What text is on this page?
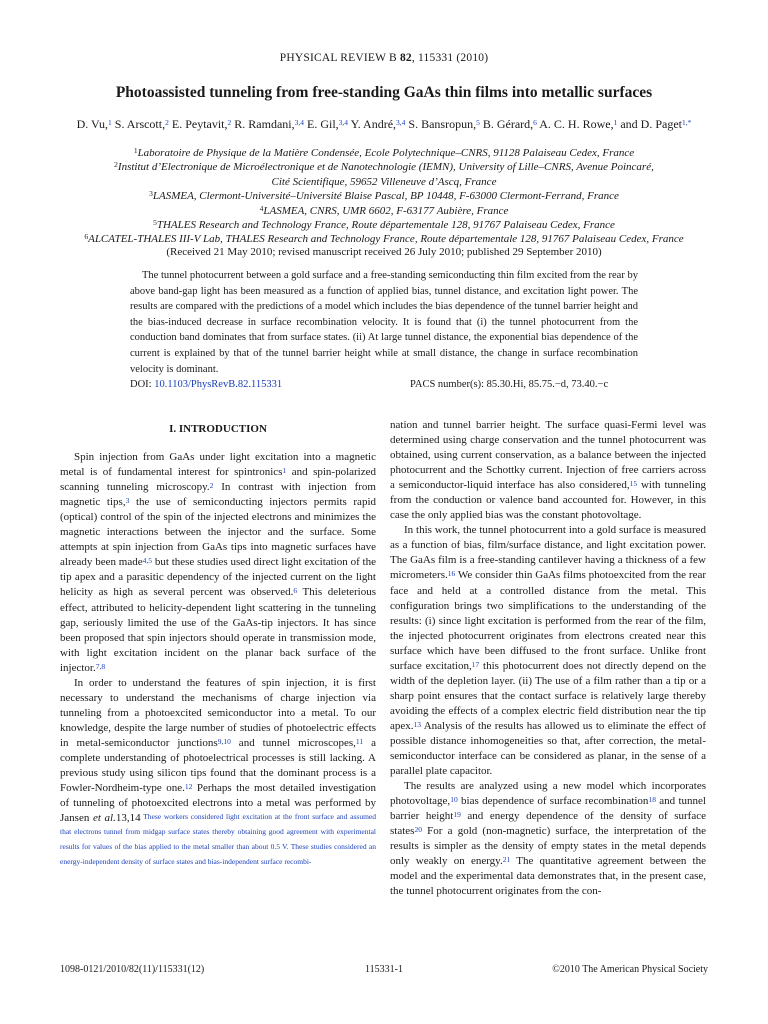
PHYSICAL REVIEW B 82, 115331 (2010)
Photoassisted tunneling from free-standing GaAs thin films into metallic surfaces
D. Vu,$^1$ S. Arscott,$^2$ E. Peytavit,$^2$ R. Ramdani,$^{3,4}$ E. Gil,$^{3,4}$ Y. André,$^{3,4}$ S. Bansropun,$^5$ B. Gérard,$^6$ A. C. H. Rowe,$^1$ and D. Paget$^{1,*}$
$^1$Laboratoire de Physique de la Matière Condensée, Ecole Polytechnique–CNRS, 91128 Palaiseau Cedex, France
$^2$Institut d’Electronique de Microélectronique et de Nanotechnologie (IEMN), University of Lille–CNRS, Avenue Poincaré,
Cité Scientifique, 59652 Villeneuve d’Ascq, France
$^3$LASMEA, Clermont-Université–Université Blaise Pascal, BP 10448, F-63000 Clermont-Ferrand, France
$^4$LASMEA, CNRS, UMR 6602, F-63177 Aubière, France
$^5$THALES Research and Technology France, Route départementale 128, 91767 Palaiseau Cedex, France
$^6$ALCATEL-THALES III-V Lab, THALES Research and Technology France, Route départementale 128, 91767 Palaiseau Cedex, France
(Received 21 May 2010; revised manuscript received 26 July 2010; published 29 September 2010)

The tunnel photocurrent between a gold surface and a free-standing semiconducting thin film excited from the rear by above band-gap light has been measured as a function of applied bias, tunnel distance, and excitation light power. The results are compared with the predictions of a model which includes the bias dependence of the tunnel barrier height and the bias-induced decrease in surface recombination velocity. It is found that (i) the tunnel photocurrent from the conduction band dominates that from surface states. (ii) At large tunnel distance, the exponential bias dependence of the current is explained by that of the tunnel barrier height while at small distance, the change in surface recombination velocity is dominant.

DOI: 10.1103/PhysRevB.82.115331	PACS number(s): 85.30.Hi, 85.75.−d, 73.40.−c
I. INTRODUCTION

Spin injection from GaAs under light excitation into a magnetic metal is of fundamental interest for spintronics$^1$ and spin-polarized scanning tunneling microscopy.$^2$ In contrast with injection from magnetic tips,$^3$ the use of semiconducting injectors permits rapid (optical) control of the spin of the injected electrons and minimizes the magnetic interactions between the injector and the surface. Some attempts at spin injection from GaAs tips into magnetic surfaces have already been made$^{4,5}$ but these studies used direct light excitation of the tip apex and a parasitic dependency of the injected current on the light helicity as high as several percent was observed.$^6$ This deleterious effect, attributed to helicity-dependent light scattering in the tunneling gap, seriously limited the use of the GaAs-tip injectors. It has since been proposed that spin injectors should operate in transmission mode, with light excitation incident on the planar back surface of the injector.$^{7,8}$

In order to understand the features of spin injection, it is first necessary to understand the mechanisms of charge injection via tunneling from a photoexcited semiconductor into a metal. To our knowledge, despite the large number of studies of photoelectric effects in metal-semiconductor junctions$^{9,10}$ and tunnel microscopes,$^{11}$ a complete understanding of photoelectrical processes is still lacking. A previous study using silicon tips found that the dominant process is a Fowler-Nordheim-type one.$^{12}$ Perhaps the most detailed investigation of tunneling of photoexcited electrons into a metal was performed by Jansen et al.13,14 These workers considered light excitation at the front surface and assumed that electrons tunnel from midgap surface states thereby obtaining good agreement with experimental results for values of the bias applied to the metal smaller than about 0.5 V. These studies considered an energy-independent density of surface states and bias-independent surface recombi-

nation and tunnel barrier height. The surface quasi-Fermi level was determined using charge conservation and the tunnel photocurrent was obtained, using current conservation, as a balance between the injected photocurrent and the Schottky current. Injection of free carriers across a semiconductor-liquid interface has also considered,$^{15}$ with tunneling from the conduction or valence band accounted for. However, in this case the only applied bias was the constant photovoltage.

In this work, the tunnel photocurrent into a gold surface is measured as a function of bias, film/surface distance, and light excitation power. The GaAs film is a free-standing cantilever having a thickness of a few micrometers.$^{16}$ We consider thin GaAs films photoexcited from the rear face and held at a controlled distance from the metal. This configuration brings two simplifications to the understanding of the results: (i) since light excitation is performed from the rear of the film, the injected photocurrent originates from electrons created near this surface which have been diffused to the front surface. Unlike front surface excitation,$^{17}$ this photocurrent does not directly depend on the width of the depletion layer. (ii) The use of a film rather than a tip or a sharp point ensures that the contact surface is relatively large thereby avoiding the effects of a complex electric field distribution near the tip apex.$^{13}$ Analysis of the results has allowed us to eliminate the effect of possible distance inhomogeneities so that, after correction, the metal-semiconductor interface can be considered as planar, in the sense of a parallel plate capacitor.

The results are analyzed using a new model which incorporates photovoltage,$^{10}$ bias dependence of surface recombination$^{18}$ and tunnel barrier height$^{19}$ and energy dependence of the density of surface states$^{20}$ For a gold (non-magnetic) surface, the interpretation of the results is simpler as the density of empty states in the metal depends only weakly on energy.$^{21}$ The quantitative agreement between the model and the experimental data demonstrates that, in the present case, the tunnel photocurrent originates from the con-

1098-0121/2010/82(11)/115331(12)	115331-1	©2010 The American Physical Society
